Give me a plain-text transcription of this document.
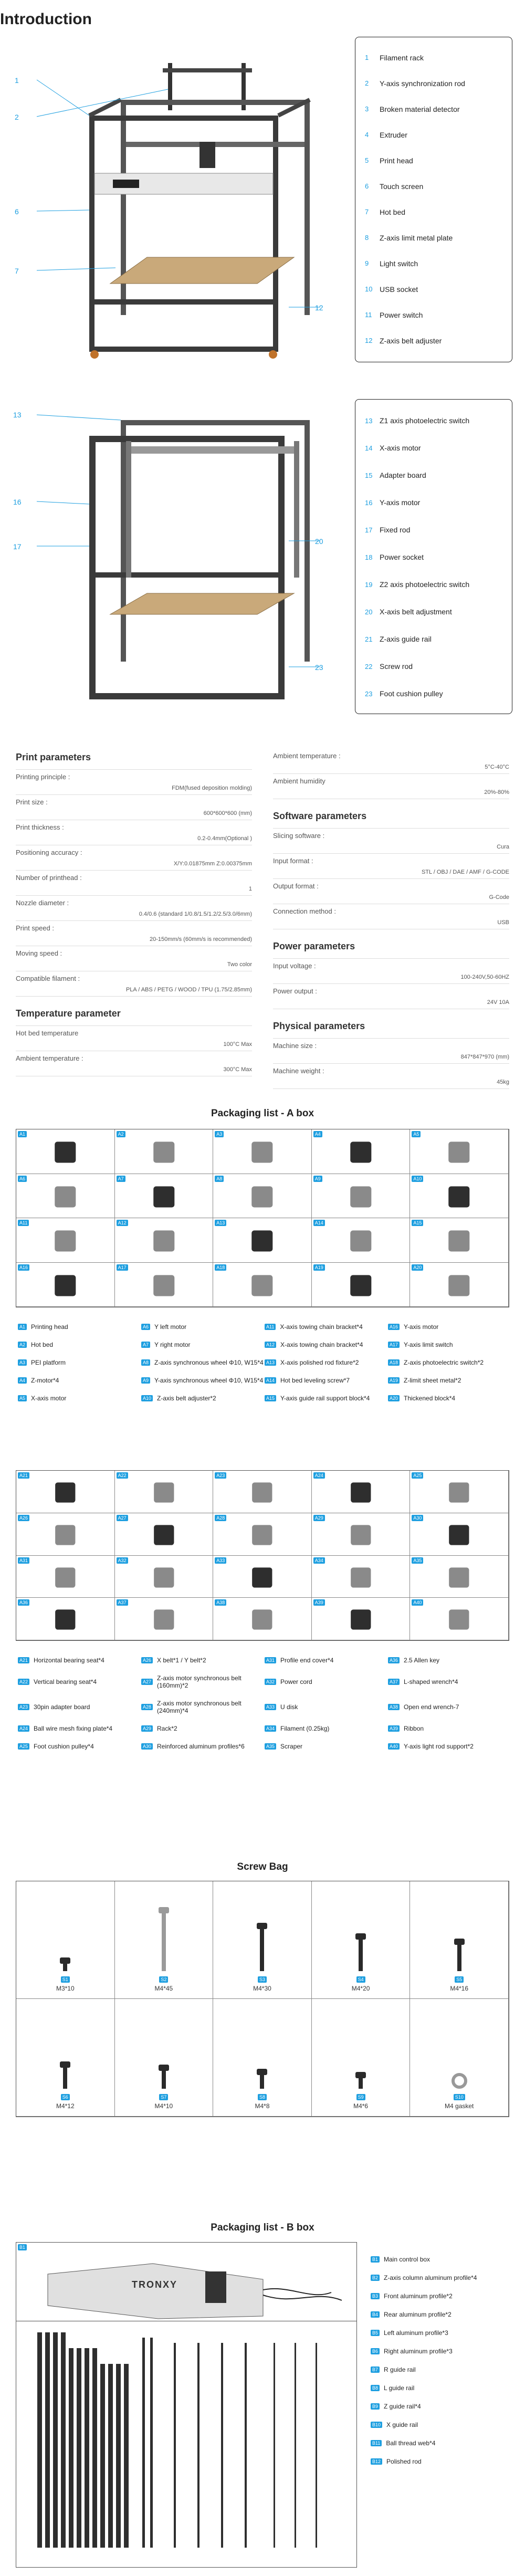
Introduction
1
2
6
7
12
1	Filament rack
2	Y-axis synchronization rod
3	Broken material detector
4	Extruder
5	Print head
6	Touch screen
7	Hot bed
8	Z-axis limit metal plate
9	Light switch
10 USB socket
11	Power switch
12 Z-axis belt adjuster
13
16
17
20
23
13 Z1 axis photoelectric switch
14 X-axis motor
15 Adapter board
16 Y-axis motor
17 Fixed rod
18 Power socket
19 Z2 axis photoelectric switch
20 X-axis belt adjustment
21 Z-axis guide rail
22 Screw rod
23 Foot cushion pulley
Print parameters
Printing principle :
FDM(fused deposition molding)
Print size :
600*600*600 (mm)
Print thickness :
0.2-0.4mm(Optional )
Positioning accuracy :
X/Y:0.01875mm Z:0.00375mm
Number of printhead :
1
Nozzle diameter :
0.4/0.6 (standard 1/0.8/1.5/1.2/2.5/3.0/6mm)
Print speed :
20-150mm/s (60mm/s is recommended)
Moving speed :
Two color
Compatible filament :
PLA / ABS / PETG / WOOD / TPU (1.75/2.85mm)
Temperature parameter
Hot bed temperature
100°C Max
Ambient temperature :
300°C Max
Ambient temperature :
5°C-40°C
Ambient humidity
20%-80%
Software parameters
Slicing software :
Cura
Input format :
STL / OBJ / DAE / AMF / G-CODE
Output format :
G-Code
Connection method :
USB
Power parameters
Input voltage :
100-240V,50-60HZ
Power output :
24V 10A
Physical parameters
Machine size :
847*847*970 (mm)
Machine weight :
45kg
Packaging list - A box
A1	A2	A3	A4	A5
A6	A7	A8	A9	A10
A11	A12	A13	A14	A15
A16	A17	A18	A19	A20
A1 Printing head	A6 Y left motor	A11 X-axis towing chain bracket*4	A16 Y-axis motor
A2 Hot bed	A7 Y right motor	A12 X-axis towing chain bracket*4	A17 Y-axis limit switch
A3 PEI platform	A8 Z-axis synchronous wheel Φ10, W15*4 A13 X-axis polished rod fixture*2	A18 Z-axis photoelectric switch*2
A4 Z-motor*4	A9 Y-axis synchronous wheel Φ10, W15*4 A14 Hot bed leveling screw*7	A19 Z-limit sheet metal*2
A5 X-axis motor	A10 Z-axis belt adjuster*2	A15 Y-axis guide rail support block*4	A20 Thickened block*4
A21	A22	A23	A24	A25
A26	A27	A28	A29	A30
A31	A32	A33	A34	A35
A36	A37	A38	A39	A40
A21 Horizontal bearing seat*4	A26 X belt*1 / Y belt*2	A31 Profile end cover*4	A36 2.5 Allen key
A22 Vertical bearing seat*4	A27 Z-axis motor synchronous belt (160mm)*2	A32 Power cord	A37 L-shaped wrench*4
A23 30pin adapter board	A28 Z-axis motor synchronous belt (240mm)*4	A33 U disk	A38 Open end wrench-7
A24 Ball wire mesh fixing plate*4	A29 Rack*2	A34 Filament (0.25kg)	A39 Ribbon
A25 Foot cushion pulley*4	A30 Reinforced aluminum profiles*6	A35 Scraper	A40 Y-axis light rod support*2
Screw Bag
S1
M3*10
S2
M4*45
S3
M4*30
S4
M4*20
S5
M4*16
S6
M4*12
S7
M4*10
S8
M4*8
S9
M4*6
S10
M4 gasket
Packaging list - B box
B1
TRONXY
B1 Main control box
B2 Z-axis column aluminum profile*4
B3 Front aluminum profile*2
B4 Rear aluminum profile*2
B5 Left aluminum profile*3
B6 Right aluminum profile*3
B7 R guide rail
B8 L guide rail
B9 Z guide rail*4
B10 X guide rail
B11 Ball thread web*4
B12 Polished rod
